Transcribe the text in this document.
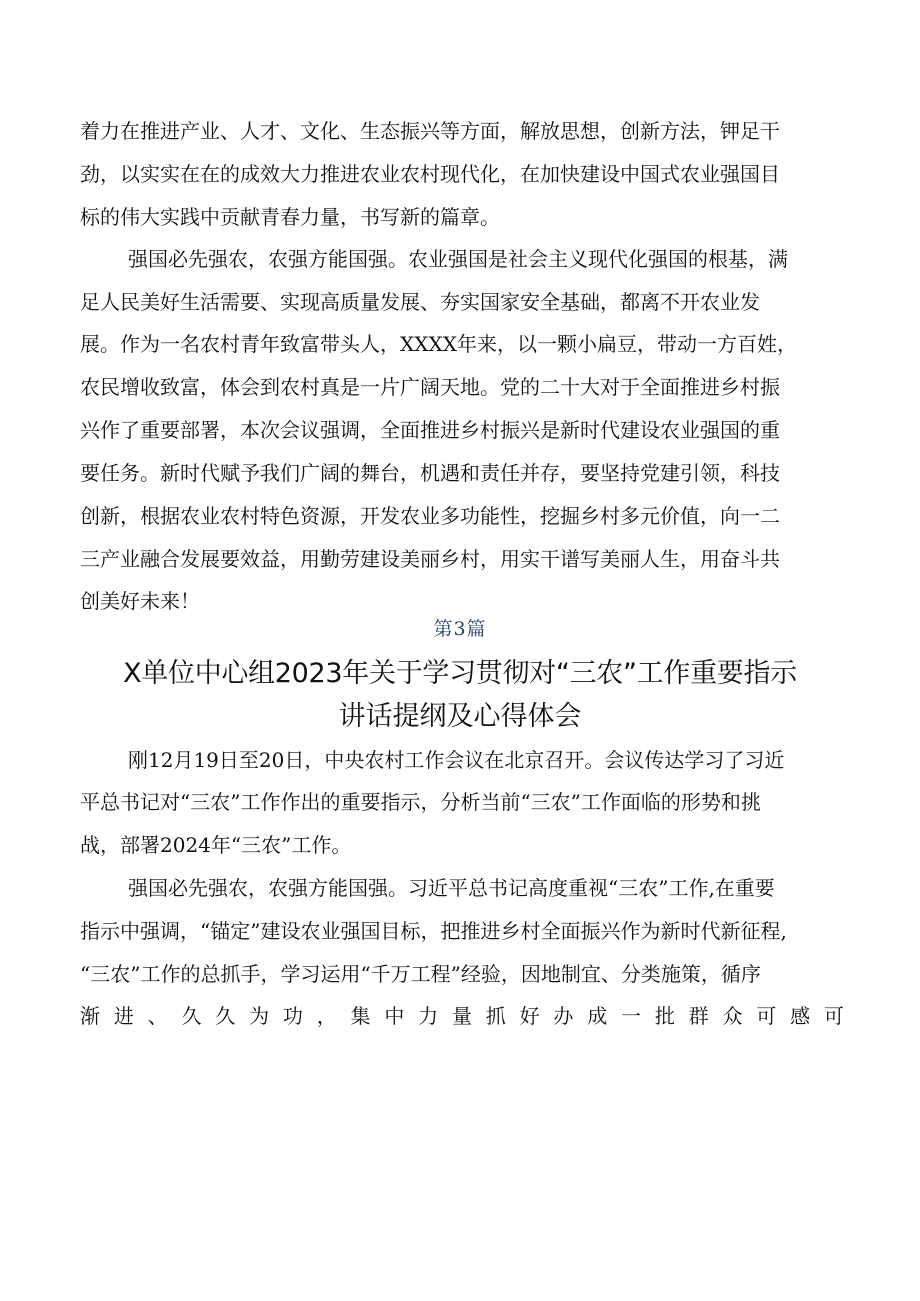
着力在推进产业、人才、文化、生态振兴等方面，解放思想，创新方法，钾足干
劲，以实实在在的成效大力推进农业农村现代化，在加快建设中国式农业强国目
标的伟大实践中贡献青春力量，书写新的篇章。
强国必先强农，农强方能国强。农业强国是社会主义现代化强国的根基，满
足人民美好生活需要、实现高质量发展、夯实国家安全基础，都离不开农业发
展。作为一名农村青年致富带头人，XXXX年来，以一颗小扁豆，带动一方百姓，
农民增收致富，体会到农村真是一片广阔天地。党的二十大对于全面推进乡村振
兴作了重要部署，本次会议强调，全面推进乡村振兴是新时代建设农业强国的重
要任务。新时代赋予我们广阔的舞台，机遇和责任并存，要坚持党建引领，科技
创新，根据农业农村特色资源，开发农业多功能性，挖掘乡村多元价值，向一二
三产业融合发展要效益，用勤劳建设美丽乡村，用实干谱写美丽人生，用奋斗共
创美好未来！
第3篇
X单位中心组2023年关于学习贯彻对“三农”工作重要指示
讲话提纲及心得体会
刚12月19日至20日，中央农村工作会议在北京召开。会议传达学习了习近
平总书记对“三农”工作作出的重要指示，分析当前“三农”工作面临的形势和挑
战，部署2024年“三农”工作。
强国必先强农，农强方能国强。习近平总书记高度重视“三农”工作,在重要
指示中强调，“锚定”建设农业强国目标，把推进乡村全面振兴作为新时代新征程,
“三农”工作的总抓手，学习运用“千万工程”经验，因地制宜、分类施策，循序
渐 进 、 久 久 为 功 ， 集 中 力 量 抓 好 办 成 一 批 群 众 可 感 可
